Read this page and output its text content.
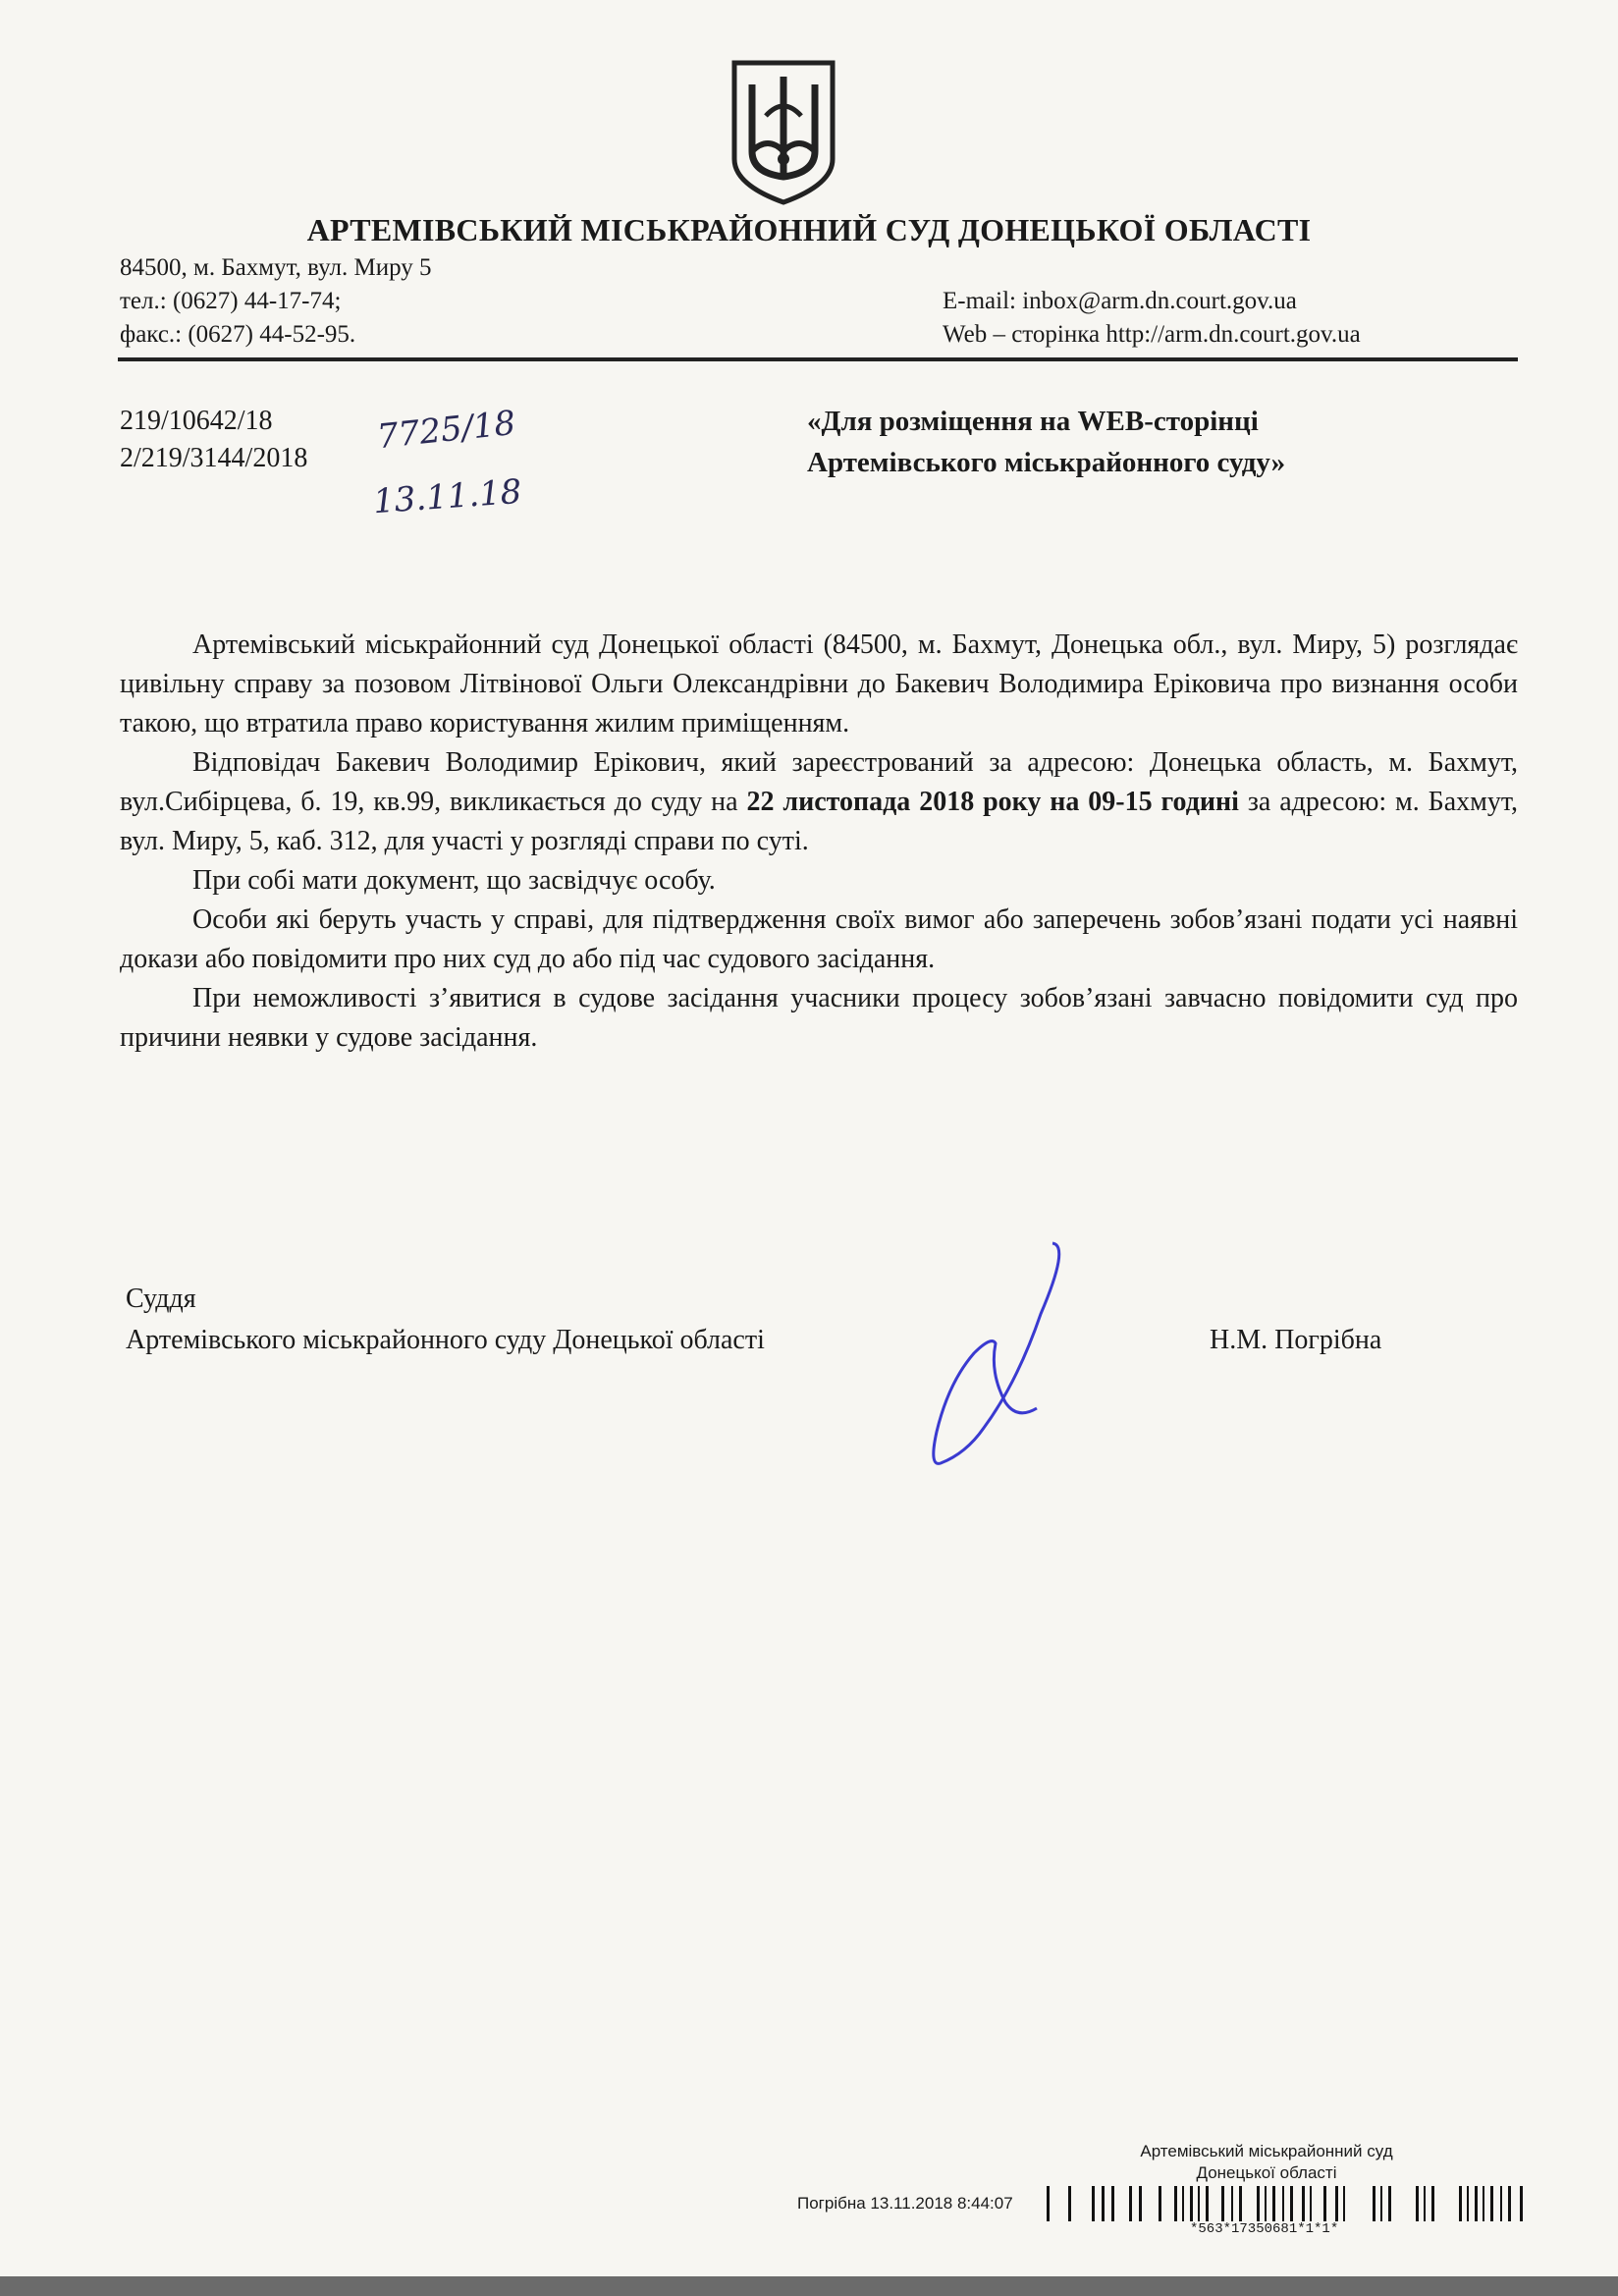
АРТЕМІВСЬКИЙ МІСЬКРАЙОННИЙ СУД ДОНЕЦЬКОЇ ОБЛАСТІ
84500, м. Бахмут, вул. Миру 5
тел.: (0627) 44-17-74;
факс.: (0627) 44-52-95.
E-mail: inbox@arm.dn.court.gov.ua
Web – сторінка http://arm.dn.court.gov.ua
219/10642/18
2/219/3144/2018
7725/18
13.11.18
«Для розміщення на WEB-сторінці
Артемівського міськрайонного суду»

Артемівський міськрайонний суд Донецької області (84500, м. Бахмут, Донецька обл., вул. Миру, 5) розглядає цивільну справу за позовом Літвінової Ольги Олександрівни до Бакевич Володимира Еріковича про визнання особи такою, що втратила право користування жилим приміщенням.

Відповідач Бакевич Володимир Ерікович, який зареєстрований за адресою: Донецька область, м. Бахмут, вул.Сибірцева, б. 19, кв.99, викликається до суду на 22 листопада 2018 року на 09-15 годині за адресою: м. Бахмут, вул. Миру, 5, каб. 312, для участі у розгляді справи по суті.

При собі мати документ, що засвідчує особу.

Особи які беруть участь у справі, для підтвердження своїх вимог або заперечень зобов’язані подати усі наявні докази або повідомити про них суд до або під час судового засідання.

При неможливості з’явитися в судове засідання учасники процесу зобов’язані завчасно повідомити суд про причини неявки у судове засідання.

Суддя
Артемівського міськрайонного суду Донецької області	Н.М. Погрібна
Артемівський міськрайонний суд
Донецької області
Погрібна 13.11.2018 8:44:07
*563*17350681*1*1*
